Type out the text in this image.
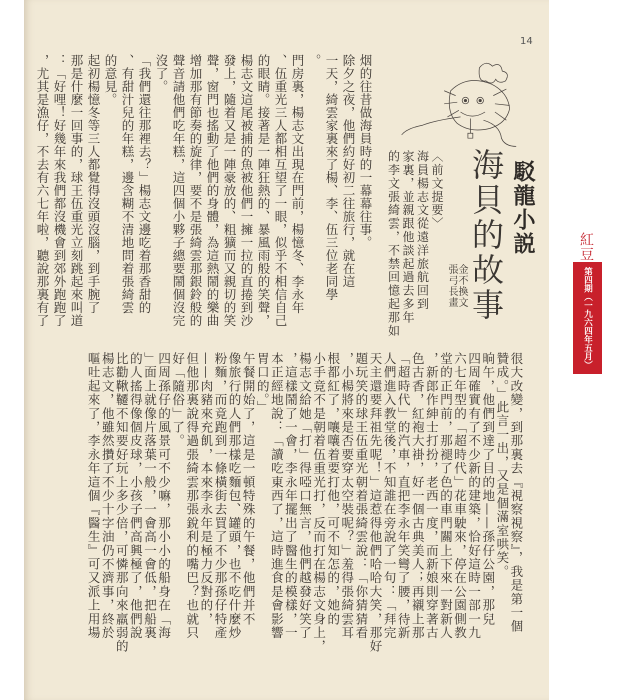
14
駁龍小説
海貝的故事
金不換文
張弓長畫
〈前文提要〉
海員楊志文從遠洋旅航回到
家裏，並親跟他談起過去多年
的李文張綺雲，不禁回憶起那如
烟的往昔做海員時的一幕幕往事。
除夕之夜，他們約好初二往旅行，就在這
一天，綺雲家裏來了楊、李、伍三位老同學
。
門房裏，楊志文出現在門前，楊憶冬、李永年
、伍重光三人都相互望了一眼，似乎不相信自己
的眼睛。接著是一陣狂熱的、暴風雨般的笑聲，
楊志文這尾被捕的魚被他們一擁一拉的直捲到沙
發上，隨着又是一陣豪放的、粗獷而又親切的笑
聲，窗門也搖動了他們的身體，為這熱鬧的樂曲
增加那有節奏的旋律，要不是張綺雲那銀鈴般的
聲音請他們吃年糕，這四個小夥子總要鬧個沒完
沒了。
「我們還往那裡去？」楊志文邊吃着那香甜的
、有甜汁兒的年糕，邊含糊不清地問着張綺雲
的意見。
起初楊憶冬等三人都覺得沒頭沒腦，到手腕了
那是什麼一回事的，球王伍重光立刻跳起來叫道
：「好哩！好幾年來我們都沒機會到郊外跑跑了
，尤其是漁仔，不去有六七年啦，聽說那裏有了
很大改變，到那裏去『視察視察』，我是第一個
贊成。」此言一出，又是個滿室哄笑。
晌午，他們到達了目的地——孫仔公園，那兒
四周確實有了不少新的建築，恰好這時一部一九
六七年型的「超時代」花車駛來，停在公園側教
堂的正門前，那褪了色的車門關上下來一對新人
，新郎作紳士打扮，老西一度，而新娘則穿著古
色古香，紅袍大褂，好一個古典美人；再襯上那
「超時代」的汽車，直把李永年笑彎了腰，待新
人們進入教堂後，不知誰在旁說了一句：「拜完
天主還要拜祖先呢！」這惹得他們哈哈大笑，那好
題玩笑的球王伍重光朝着張綺雲說：「你猜猜看
，小楊將來是否要穿太空裝呢？」羞得張綺雲耳
根都紅了，嚷嚷着要打他，可不知怎的，她的
小手竟不是朝着伍重光打，反而打在楊志文身上，
楊志文給她「打」得啞口無言，他們越發好笑了
，這樣鬧了一會，李永年擺出了醫生的模樣，一
本正經地說：「讀吃東西了，這時進食是會影響
胃口的。」
午餐開始了，這是一頓特殊的午餐，他們并不
像旅行的人們那樣吃麵包、罐頭，也不吃什麼炒
粉麵，而竟跑到一條橫街去買了不少那孫仔特產
——肉豬來充飢，本來李永年是極力反對的，
但他那裏說得過張綺雲那張銳利的嘴巴？也就只
好「隨俗」了。
四周孫仔的風景可不少嘛，那小小的船身在「海
」面上就像片落葉一般，一會高一會低，把船裏
的人搖得像個皮球，小孩子們高興極了，他們說
比勸鞦韆不知要好玩上多少倍，可憐那向來羸弱的
楊志文，他雖然攢了不少十字油仍不濟事，終於
嘔吐起來了，李永年這個『醫生』可又派上用場
紅豆
第四期（一九六四年五月）
